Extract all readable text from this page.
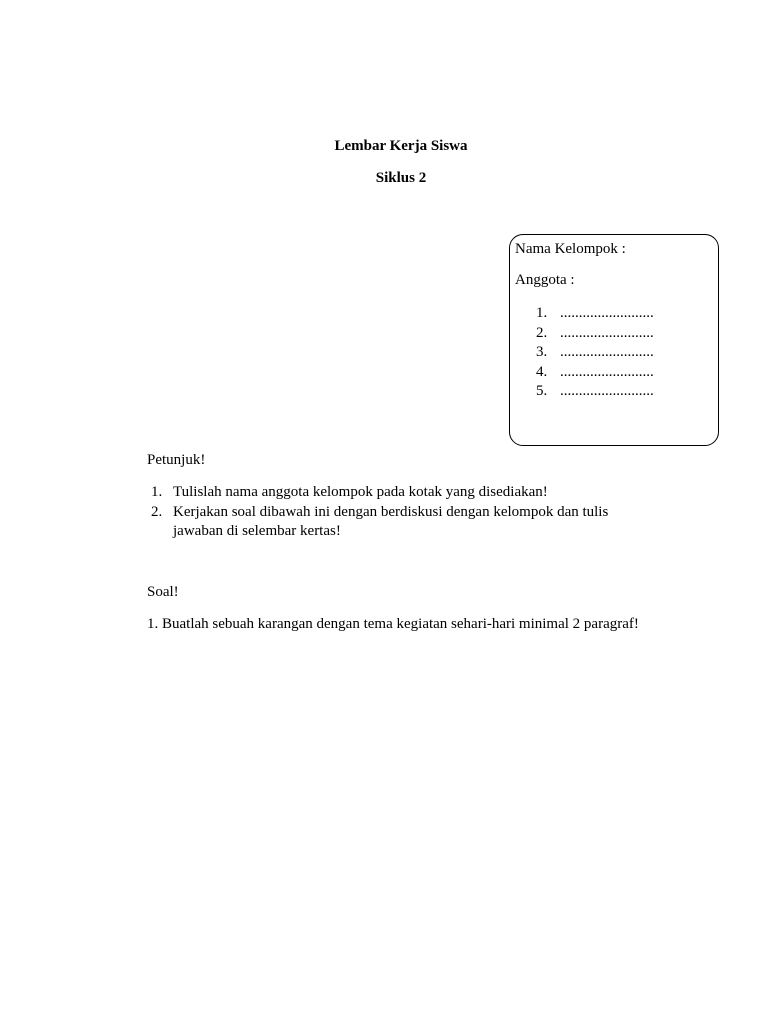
Lembar Kerja Siswa
Siklus 2
Nama Kelompok :
Anggota :
1. .........................
2. .........................
3. .........................
4. .........................
5. .........................

Petunjuk!

1. Tulislah nama anggota kelompok pada kotak yang disediakan!
2. Kerjakan soal dibawah ini dengan berdiskusi dengan kelompok dan tulis jawaban di selembar kertas!

Soal!

1. Buatlah sebuah karangan dengan tema kegiatan sehari-hari minimal 2 paragraf!
